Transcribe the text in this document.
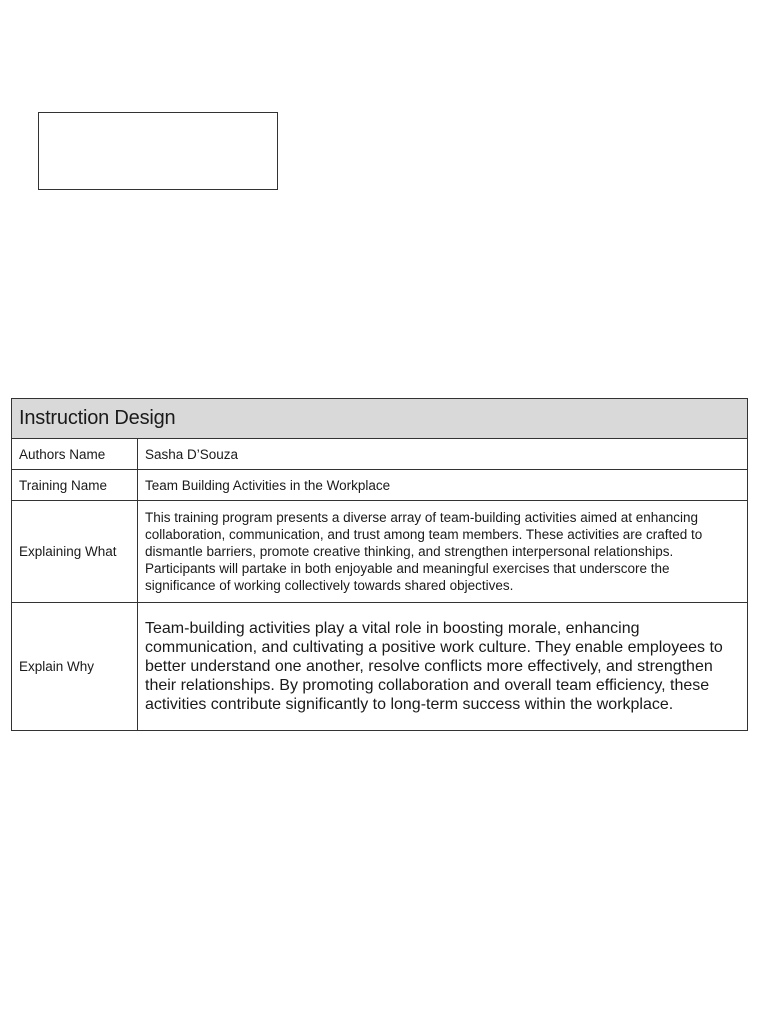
Instruction Design	
Authors Name	Sasha D’Souza
Training Name	Team Building Activities in the Workplace
Explaining What	This training program presents a diverse array of team-building activities aimed at enhancing collaboration, communication, and trust among team members. These activities are crafted to dismantle barriers, promote creative thinking, and strengthen interpersonal relationships. Participants will partake in both enjoyable and meaningful exercises that underscore the significance of working collectively towards shared objectives.

Explain Why	Team-building activities play a vital role in boosting morale, enhancing communication, and cultivating a positive work culture. They enable employees to better understand one another, resolve conflicts more effectively, and strengthen their relationships. By promoting collaboration and overall team efficiency, these activities contribute significantly to long-term success within the workplace.
